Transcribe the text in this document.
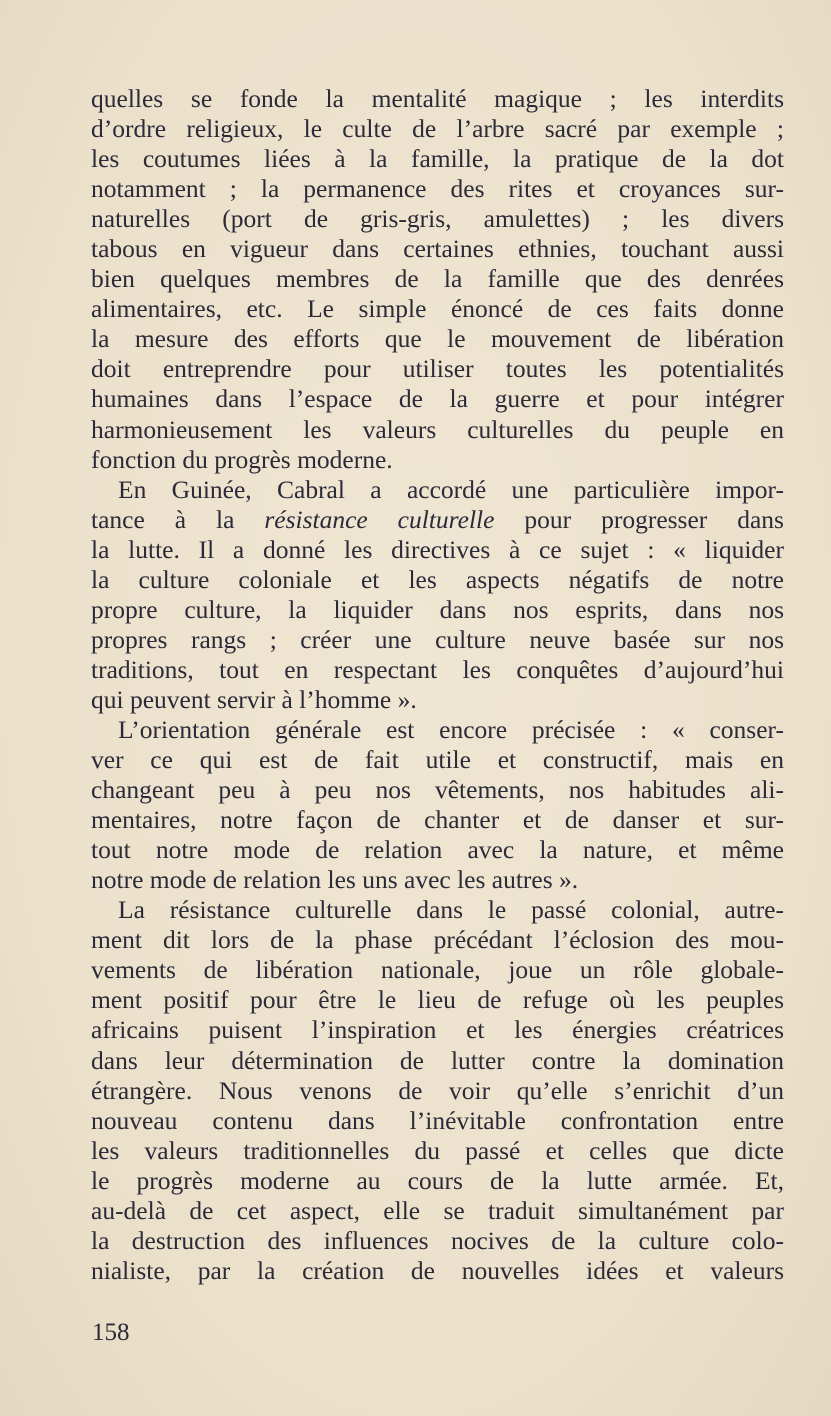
quelles se fonde la mentalité magique ; les interdits
d’ordre religieux, le culte de l’arbre sacré par exemple ;
les coutumes liées à la famille, la pratique de la dot
notamment ; la permanence des rites et croyances sur-
naturelles (port de gris-gris, amulettes) ; les divers
tabous en vigueur dans certaines ethnies, touchant aussi
bien quelques membres de la famille que des denrées
alimentaires, etc. Le simple énoncé de ces faits donne
la mesure des efforts que le mouvement de libération
doit entreprendre pour utiliser toutes les potentialités
humaines dans l’espace de la guerre et pour intégrer
harmonieusement les valeurs culturelles du peuple en
fonction du progrès moderne.
En Guinée, Cabral a accordé une particulière impor-
tance à la résistance culturelle pour progresser dans
la lutte. Il a donné les directives à ce sujet : « liquider
la culture coloniale et les aspects négatifs de notre
propre culture, la liquider dans nos esprits, dans nos
propres rangs ; créer une culture neuve basée sur nos
traditions, tout en respectant les conquêtes d’aujourd’hui
qui peuvent servir à l’homme ».
L’orientation générale est encore précisée : « conser-
ver ce qui est de fait utile et constructif, mais en
changeant peu à peu nos vêtements, nos habitudes ali-
mentaires, notre façon de chanter et de danser et sur-
tout notre mode de relation avec la nature, et même
notre mode de relation les uns avec les autres ».
La résistance culturelle dans le passé colonial, autre-
ment dit lors de la phase précédant l’éclosion des mou-
vements de libération nationale, joue un rôle globale-
ment positif pour être le lieu de refuge où les peuples
africains puisent l’inspiration et les énergies créatrices
dans leur détermination de lutter contre la domination
étrangère. Nous venons de voir qu’elle s’enrichit d’un
nouveau contenu dans l’inévitable confrontation entre
les valeurs traditionnelles du passé et celles que dicte
le progrès moderne au cours de la lutte armée. Et,
au-delà de cet aspect, elle se traduit simultanément par
la destruction des influences nocives de la culture colo-
nialiste, par la création de nouvelles idées et valeurs
158
